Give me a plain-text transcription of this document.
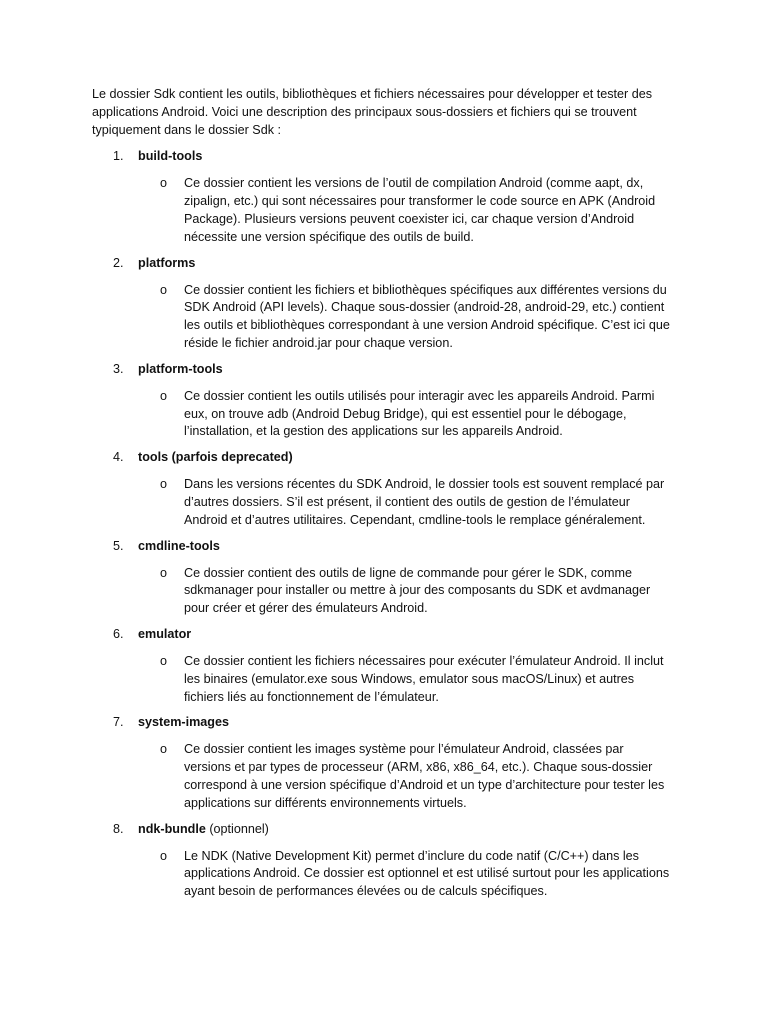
Le dossier Sdk contient les outils, bibliothèques et fichiers nécessaires pour développer et tester des applications Android. Voici une description des principaux sous-dossiers et fichiers qui se trouvent typiquement dans le dossier Sdk :

1. build-tools
o Ce dossier contient les versions de l’outil de compilation Android (comme aapt, dx, zipalign, etc.) qui sont nécessaires pour transformer le code source en APK (Android Package). Plusieurs versions peuvent coexister ici, car chaque version d’Android nécessite une version spécifique des outils de build.
2. platforms
o Ce dossier contient les fichiers et bibliothèques spécifiques aux différentes versions du SDK Android (API levels). Chaque sous-dossier (android-28, android-29, etc.) contient les outils et bibliothèques correspondant à une version Android spécifique. C’est ici que réside le fichier android.jar pour chaque version.
3. platform-tools
o Ce dossier contient les outils utilisés pour interagir avec les appareils Android. Parmi eux, on trouve adb (Android Debug Bridge), qui est essentiel pour le débogage, l’installation, et la gestion des applications sur les appareils Android.
4. tools (parfois deprecated)
o Dans les versions récentes du SDK Android, le dossier tools est souvent remplacé par d’autres dossiers. S’il est présent, il contient des outils de gestion de l’émulateur Android et d’autres utilitaires. Cependant, cmdline-tools le remplace généralement.
5. cmdline-tools
o Ce dossier contient des outils de ligne de commande pour gérer le SDK, comme sdkmanager pour installer ou mettre à jour des composants du SDK et avdmanager pour créer et gérer des émulateurs Android.
6. emulator
o Ce dossier contient les fichiers nécessaires pour exécuter l’émulateur Android. Il inclut les binaires (emulator.exe sous Windows, emulator sous macOS/Linux) et autres fichiers liés au fonctionnement de l’émulateur.
7. system-images
o Ce dossier contient les images système pour l’émulateur Android, classées par versions et par types de processeur (ARM, x86, x86_64, etc.). Chaque sous-dossier correspond à une version spécifique d’Android et un type d’architecture pour tester les applications sur différents environnements virtuels.
8. ndk-bundle (optionnel)
o Le NDK (Native Development Kit) permet d’inclure du code natif (C/C++) dans les applications Android. Ce dossier est optionnel et est utilisé surtout pour les applications ayant besoin de performances élevées ou de calculs spécifiques.
